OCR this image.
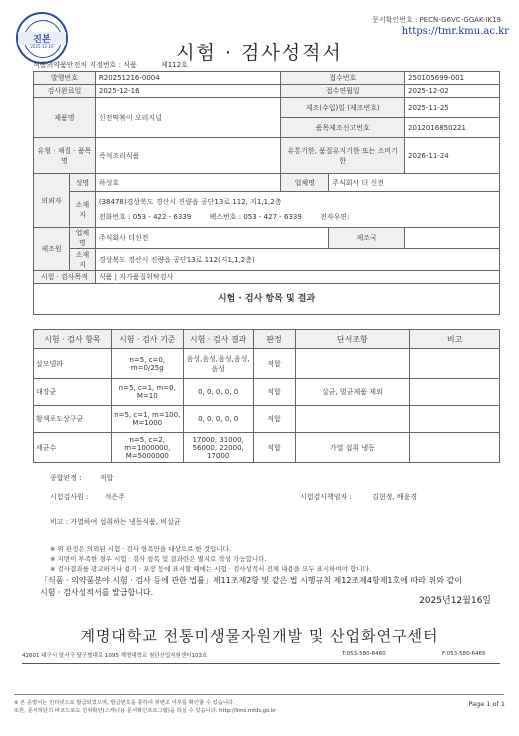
문서확인번호 : PECN-G6VC-GGAK-IK19
https://tmr.kmu.ac.kr
진본
2025-12-16	시험 · 검사성적서
식품의약품안전처 지정번호 : 식품	제112호
발행번호		R20251216-0004	접수번호		250105699-001
검사완료일		2025-12-16	접수연월일		2025-12-02
제품명		신전떡볶이 오리지널	제조(수입)일 (제조번호)		2025-11-25
			품목제조신고번호		2012016850221
유형 · 재질 · 품목명		즉석조리식품	유통기한, 품질유지기한 또는 소비기한		2026-11-24
의뢰자	성명	하성호	업체명	주식회사 더 신전	
	소재지	(38478)경상북도 경산시 진량읍 공단13로 112, 지1,1,2층
전화번호 : 053 - 422 - 6339 팩스번호 : 053 - 427 - 6339 전자우편:			

제조원	업체명	주식회사 더신전		제조국	
	소재지	경상북도 경산시 진량읍 공단13로 112(지1,1,2층)			
시험 · 검사목적		식품 | 자가품질위탁검사			
시험 · 검사 항목 및 결과
시험 · 검사 항목	시험 · 검사 기준	시험 · 검사 결과	판정	단서조항	비고
살모넬라	n=5, c=0, m=0/25g	음성,음성,음성,음성,음성	적합		
대장균	n=5, c=1, m=0, M=10	0, 0, 0, 0, 0	적합	살균, 멸균제품 제외	
황색포도상구균	n=5, c=1, m=100, M=1000	0, 0, 0, 0, 0	적합		
세균수	n=5, c=2, m=1000000, M=5000000	17000, 31000, 56000, 22000, 17000	적합	가열 섭취 냉동	
종합판정 :	적합
시험검사원 : 석은주	시험검사책임자 :	김현정, 배윤경
비고 : 가열하여 섭취하는 냉동식품, 비살균
※ 위 판정은 의뢰된 시험 · 검사 항목만을 대상으로 한 것입니다.
※ 지면이 부족한 경우 시험 · 검사 항목 및 결과란은 별지로 작성 가능합니다.
※ 검사결과를 광고하거나 용기 · 포장 등에 표시할 때에는 시험 · 검사성적서 전체 내용을 모두 표시하여야 합니다.
「식품 · 의약품분야 시험 · 검사 등에 관한 법률」제11조제2항 및 같은 법 시행규칙 제12조제4항제1호에 따라 위와 같이 시험 · 검사성적서를 발급합니다.
2025년12월16일
계명대학교 전통미생물자원개발 및 산업화연구센터
42601 대구시 달서구 달구벌대로 1095 계명대학교 첨단산업지원센터103호	T:053-580-6460	F:053-580-6465
※ 본 증명서는 인터넷으로 발급되었으며, 발급번호를 통하여 위변조 여부를 확인할 수 있습니다.
또한, 문서하단의 바코드로도 진위확인(스캐너용 문서확인프로그램)을 하실 수 있습니다. http://lims.mfds.go.kr
Page 1 of 1
